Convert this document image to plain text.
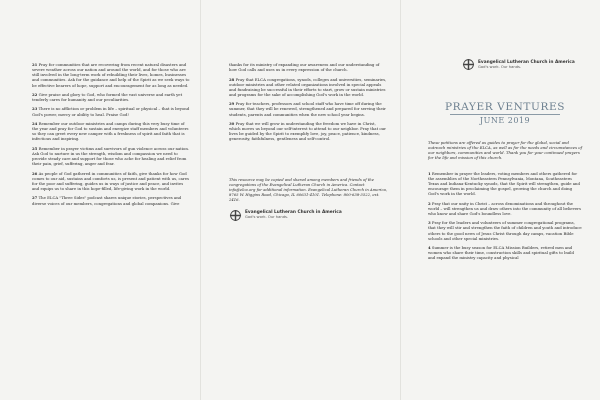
21 Pray for communities that are recovering from recent natural disasters and severe weather across our nation and around the world, and for those who are still involved in the long-term work of rebuilding their lives, homes, businesses and communities. Ask for the guidance and help of the Spirit as we seek ways to be effective bearers of hope, support and encouragement for as long as needed.

22 Give praise and glory to God, who formed the vast universe and earth yet tenderly cares for humanity and our peculiarities.

23 There is no affliction or problem in life – spiritual or physical – that is beyond God's power, mercy or ability to heal. Praise God!

24 Remember our outdoor ministries and camps during this very busy time of the year and pray for God to sustain and energize staff members and volunteers so they can greet every new camper with a freshness of spirit and faith that is infectious and inspiring.

25 Remember in prayer victims and survivors of gun violence across our nation. Ask God to nurture in us the strength, wisdom and compassion we need to provide steady care and support for those who ache for healing and relief from their pain, grief, suffering, anger and fear.

26 As people of God gathered in communities of faith, give thanks for how God comes to our aid, sustains and comforts us, is present and patient with us, cares for the poor and suffering, guides us in ways of justice and peace, and invites and equips us to share in this hope-filled, life-giving work in the world.

27 The ELCA "Three Sides" podcast shares unique stories, perspectives and diverse voices of our members, congregations and global companions. Give

thanks for its ministry of expanding our awareness and our understanding of how God calls and uses us in every expression of the church.

28 Pray that ELCA congregations, synods, colleges and universities, seminaries, outdoor ministries and other related organizations involved in special appeals and fundraising be successful in their efforts to start, grow or sustain ministries and programs for the sake of accomplishing God's work in the world.

29 Pray for teachers, professors and school staff who have time off during the summer, that they will be renewed, strengthened and prepared for serving their students, parents and communities when the new school year begins.

30 Pray that we will grow in understanding the freedom we have in Christ, which moves us beyond our self-interest to attend to our neighbor. Pray that our lives be guided by the Spirit to exemplify love, joy, peace, patience, kindness, generosity, faithfulness, gentleness and self-control.

This resource may be copied and shared among members and friends of the congregations of the Evangelical Lutheran Church in America. Contact info@elca.org for additional information. Evangelical Lutheran Church in America, 8765 W. Higgins Road, Chicago, IL 60631-4101. Telephone: 800-638-3522, ext. 2416.

Evangelical Lutheran Church in America
God's work. Our hands.
Evangelical Lutheran Church in America
God's work. Our hands.
PRAYER VENTURES
JUNE 2019

These petitions are offered as guides to prayer for the global, social and outreach ministries of the ELCA, as well as for the needs and circumstances of our neighbors, communities and world. Thank you for your continued prayers for the life and mission of this church.

1 Remember in prayer the leaders, voting members and others gathered for the assemblies of the Northeastern Pennsylvania, Montana, Southeastern Texas and Indiana-Kentucky synods, that the Spirit will strengthen, guide and encourage them in proclaiming the gospel, growing the church and doing God's work in the world.

2 Pray that our unity in Christ – across denominations and throughout the world – will strengthen us and draw others into the community of all believers who know and share God's boundless love.

3 Pray for the leaders and volunteers of summer congregational programs, that they will stir and strengthen the faith of children and youth and introduce others to the good news of Jesus Christ through day camps, vacation Bible schools and other special ministries.

4 Summer is the busy season for ELCA Mission Builders, retired men and women who share their time, construction skills and spiritual gifts to build and expand the ministry capacity and physical
